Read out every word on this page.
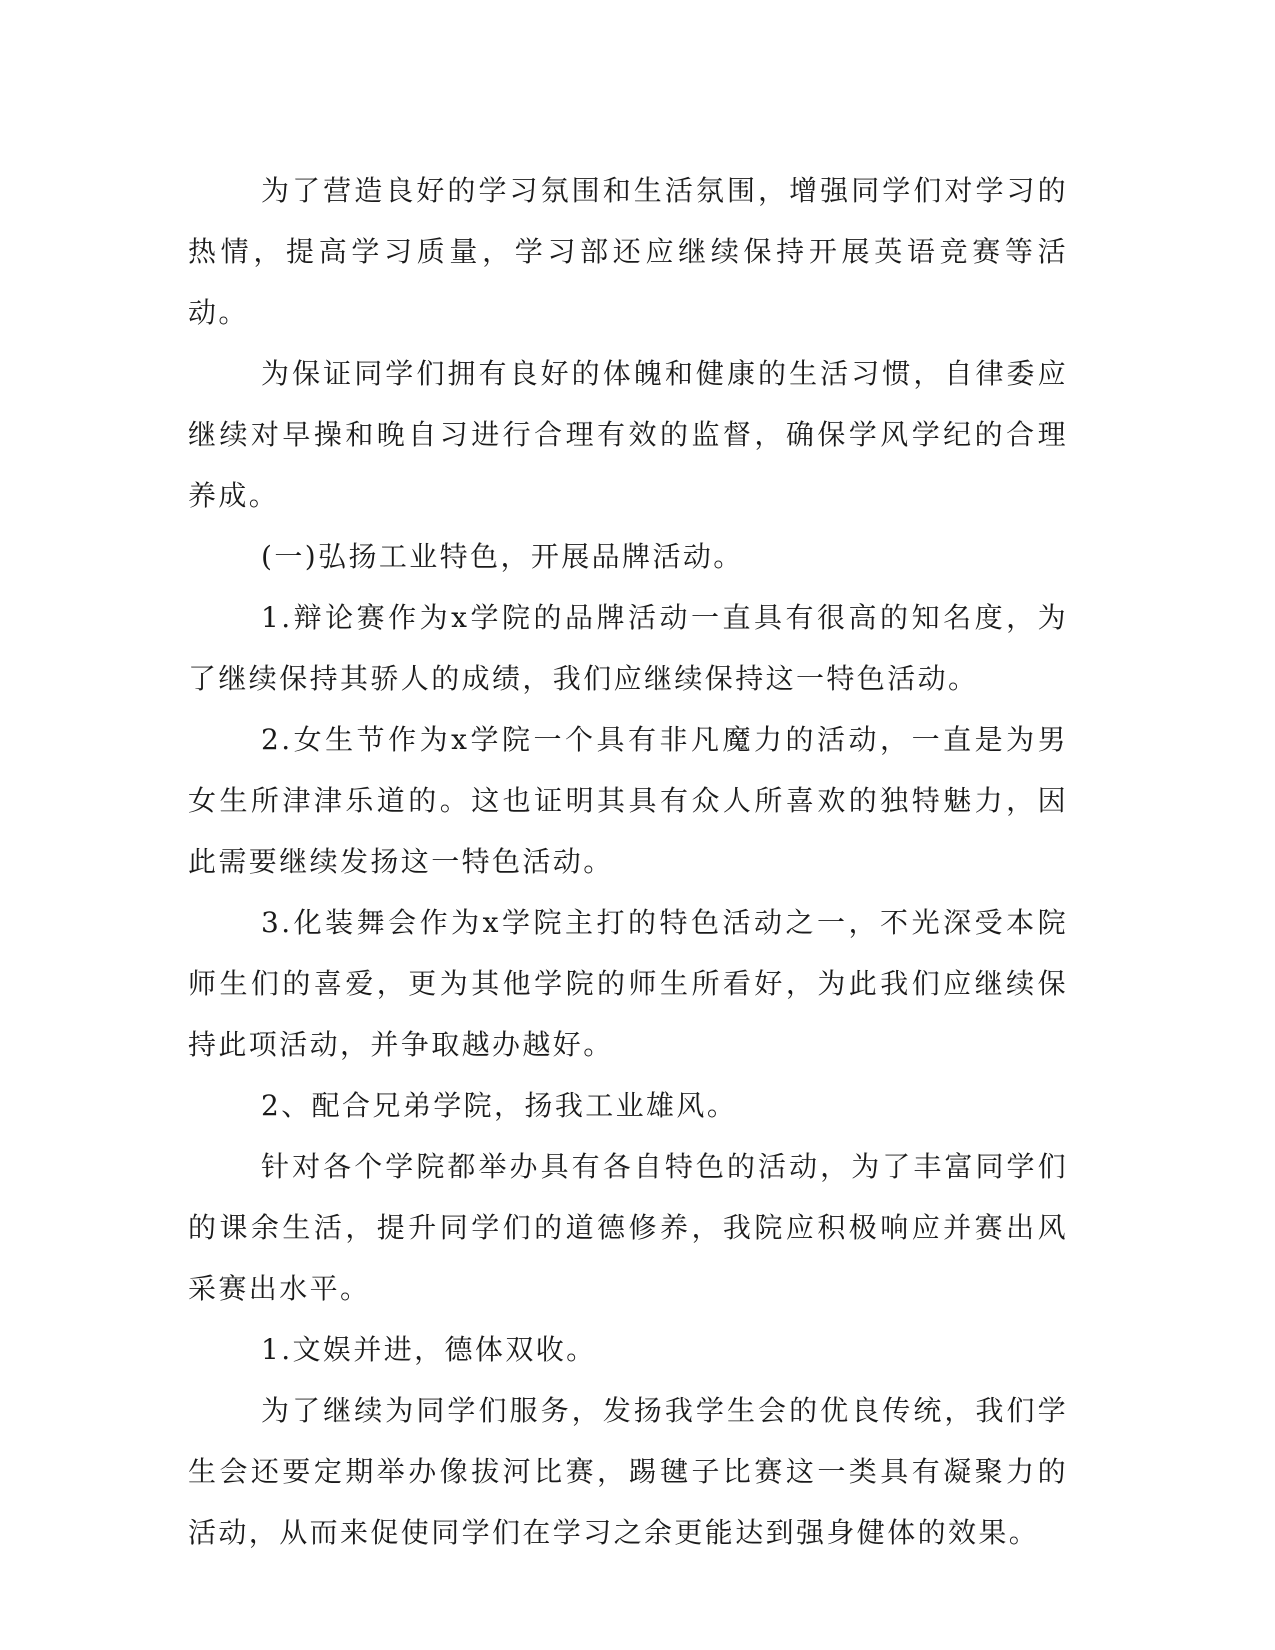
为了营造良好的学习氛围和生活氛围，增强同学们对学习的热情，提高学习质量，学习部还应继续保持开展英语竞赛等活动。

为保证同学们拥有良好的体魄和健康的生活习惯，自律委应继续对早操和晚自习进行合理有效的监督，确保学风学纪的合理养成。

(一)弘扬工业特色，开展品牌活动。

1.辩论赛作为x学院的品牌活动一直具有很高的知名度，为了继续保持其骄人的成绩，我们应继续保持这一特色活动。

2.女生节作为x学院一个具有非凡魔力的活动，一直是为男女生所津津乐道的。这也证明其具有众人所喜欢的独特魅力，因此需要继续发扬这一特色活动。

3.化装舞会作为x学院主打的特色活动之一，不光深受本院师生们的喜爱，更为其他学院的师生所看好，为此我们应继续保持此项活动，并争取越办越好。

2、配合兄弟学院，扬我工业雄风。

针对各个学院都举办具有各自特色的活动，为了丰富同学们的课余生活，提升同学们的道德修养，我院应积极响应并赛出风采赛出水平。

1.文娱并进，德体双收。

为了继续为同学们服务，发扬我学生会的优良传统，我们学生会还要定期举办像拔河比赛，踢毽子比赛这一类具有凝聚力的活动，从而来促使同学们在学习之余更能达到强身健体的效果。
